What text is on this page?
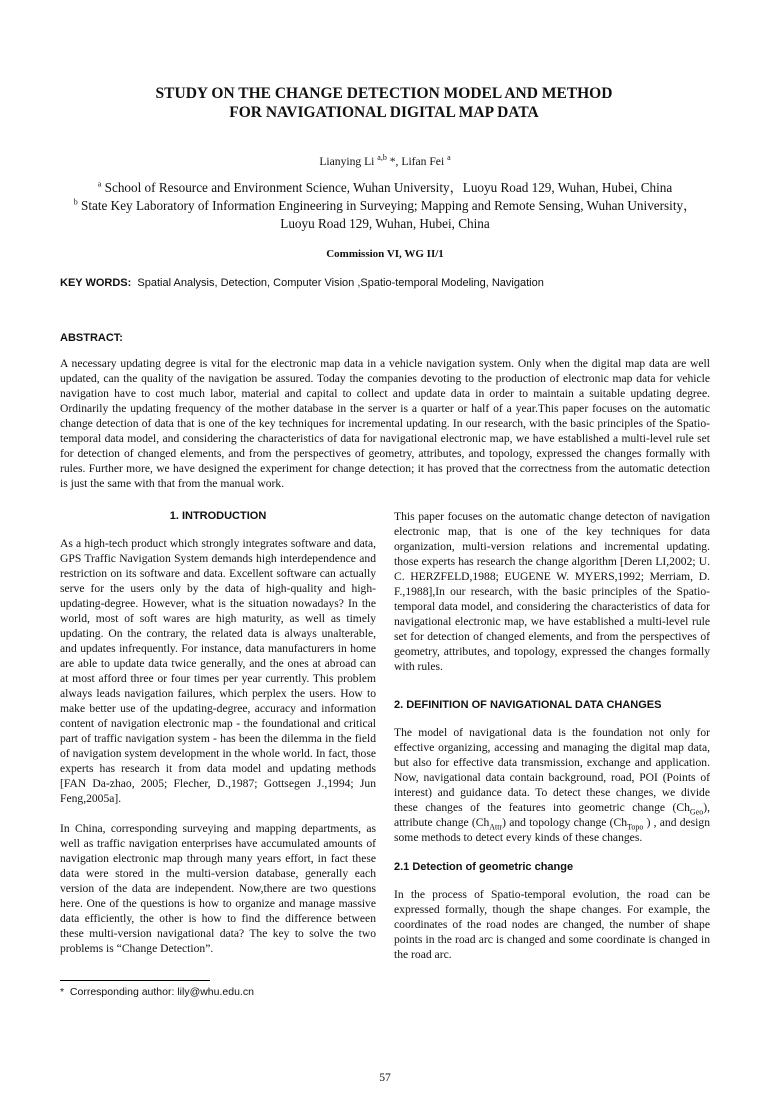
STUDY ON THE CHANGE DETECTION MODEL AND METHOD
FOR NAVIGATIONAL DIGITAL MAP DATA
Lianying Li $^{a,b}$ *, Lifan Fei $^a$
$^a$ School of Resource and Environment Science, Wuhan University，Luoyu Road 129, Wuhan, Hubei, China
$^b$ State Key Laboratory of Information Engineering in Surveying; Mapping and Remote Sensing, Wuhan University，Luoyu Road 129, Wuhan, Hubei, China
Commission VI, WG II/1
KEY WORDS:  Spatial Analysis, Detection, Computer Vision ,Spatio-temporal Modeling, Navigation
ABSTRACT:

A necessary updating degree is vital for the electronic map data in a vehicle navigation system. Only when the digital map data are well updated, can the quality of the navigation be assured. Today the companies devoting to the production of electronic map data for vehicle navigation have to cost much labor, material and capital to collect and update data in order to maintain a suitable updating degree. Ordinarily the updating frequency of the mother database in the server is a quarter or half of a year.This paper focuses on the automatic change detection of data that is one of the key techniques for incremental updating. In our research, with the basic principles of the Spatio-temporal data model, and considering the characteristics of data for navigational electronic map, we have established a multi-level rule set for detection of changed elements, and from the perspectives of geometry, attributes, and topology, expressed the changes formally with rules. Further more, we have designed the experiment for change detection; it has proved that the correctness from the automatic detection is just the same with that from the manual work.

1. INTRODUCTION

As a high-tech product which strongly integrates software and data, GPS Traffic Navigation System demands high interdependence and restriction on its software and data. Excellent software can actually serve for the users only by the data of high-quality and high-updating-degree. However, what is the situation nowadays? In the world, most of soft wares are high maturity, as well as timely updating. On the contrary, the related data is always unalterable, and updates infrequently. For instance, data manufacturers in home are able to update data twice generally, and the ones at abroad can at most afford three or four times per year currently. This problem always leads navigation failures, which perplex the users. How to make better use of the updating-degree, accuracy and information content of navigation electronic map - the foundational and critical part of traffic navigation system - has been the dilemma in the field of navigation system development in the whole world. In fact, those experts has research it from data model and updating methods [FAN Da-zhao, 2005; Flecher, D.,1987; Gottsegen J.,1994; Jun Feng,2005a].

In China, corresponding surveying and mapping departments, as well as traffic navigation enterprises have accumulated amounts of navigation electronic map through many years effort, in fact these data were stored in the multi-version database, generally each version of the data are independent. Now,there are two questions here. One of the questions is how to organize and manage massive data efficiently, the other is how to find the difference between these multi-version navigational data? The key to solve the two problems is “Change Detection”.

This paper focuses on the automatic change detecton of navigation electronic map, that is one of the key techniques for data organization, multi-version relations and incremental updating. those experts has research the change algorithm [Deren LI,2002; U. C. HERZFELD,1988; EUGENE W. MYERS,1992; Merriam, D. F.,1988],In our research, with the basic principles of the Spatio-temporal data model, and considering the characteristics of data for navigational electronic map, we have established a multi-level rule set for detection of changed elements, and from the perspectives of geometry, attributes, and topology, expressed the changes formally with rules.

2. DEFINITION OF NAVIGATIONAL DATA CHANGES

The model of navigational data is the foundation not only for effective organizing, accessing and managing the digital map data, but also for effective data transmission, exchange and application. Now, navigational data contain background, road, POI (Points of interest) and guidance data. To detect these changes, we divide these changes of the features into geometric change $(Ch_{Geo})$, attribute change $(Ch_{Attr})$ and topology change ($Ch_{Topo}$ ) , and design some methods to detect every kinds of these changes.

2.1 Detection of geometric change

In the process of Spatio-temporal evolution, the road can be expressed formally, though the shape changes. For example, the coordinates of the road nodes are changed, the number of shape points in the road arc is changed and some coordinate is changed in the road arc.

*  Corresponding author: lily@whu.edu.cn
57
